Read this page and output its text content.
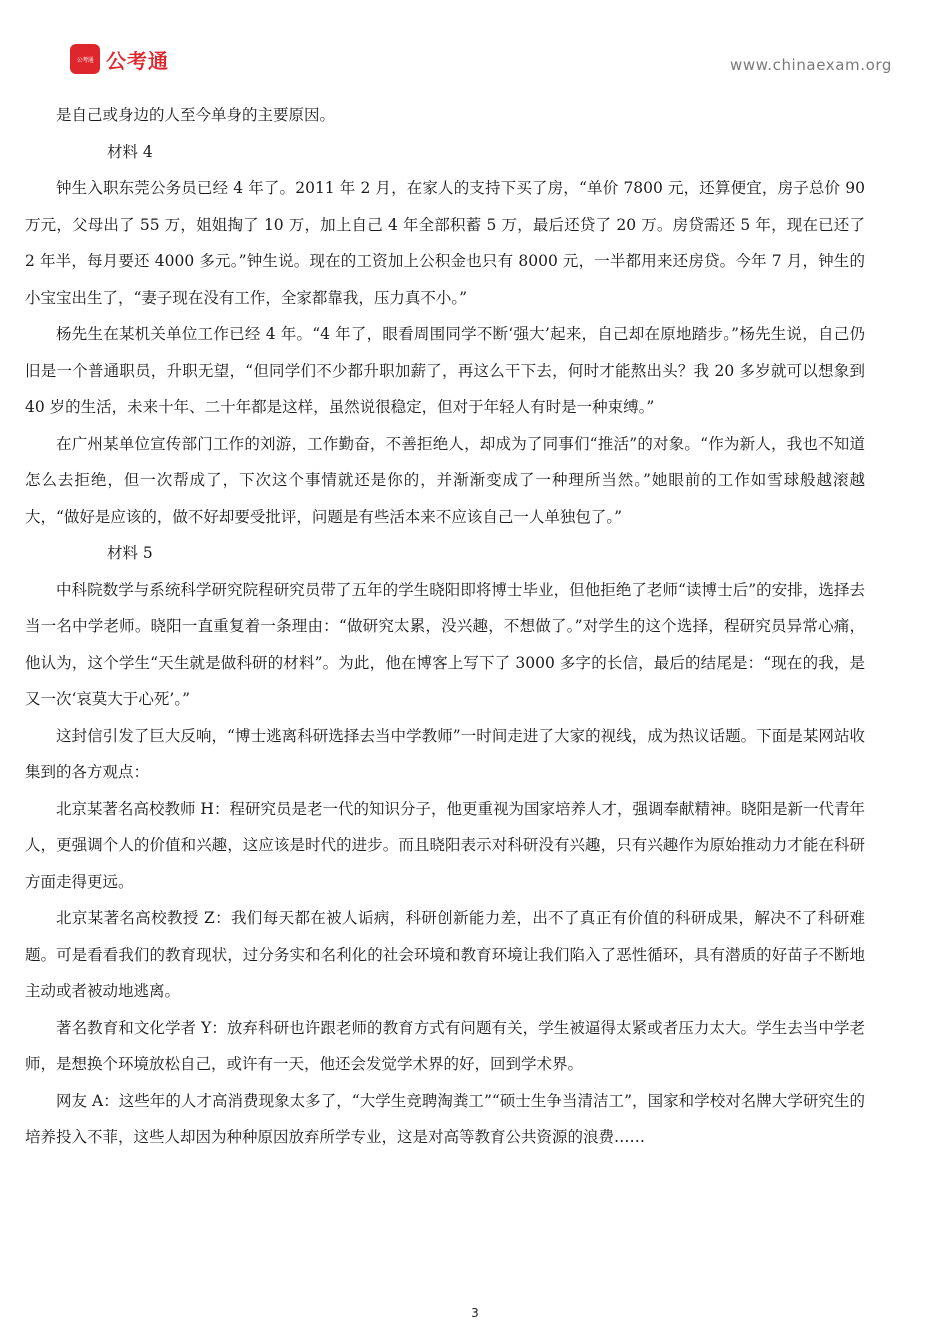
公考通 公考通	www.chinaexam.org

是自己或身边的人至今单身的主要原因。

材料 4

钟生入职东莞公务员已经 4 年了。2011 年 2 月，在家人的支持下买了房，“单价 7800 元，还算便宜，房子总价 90 万元，父母出了 55 万，姐姐掏了 10 万，加上自己 4 年全部积蓄 5 万，最后还贷了 20 万。房贷需还 5 年，现在已还了 2 年半，每月要还 4000 多元。”钟生说。现在的工资加上公积金也只有 8000 元，一半都用来还房贷。今年 7 月，钟生的小宝宝出生了，“妻子现在没有工作，全家都靠我，压力真不小。”

杨先生在某机关单位工作已经 4 年。“4 年了，眼看周围同学不断‘强大’起来，自己却在原地踏步。”杨先生说，自己仍旧是一个普通职员，升职无望，“但同学们不少都升职加薪了，再这么干下去，何时才能熬出头？我 20 多岁就可以想象到 40 岁的生活，未来十年、二十年都是这样，虽然说很稳定，但对于年轻人有时是一种束缚。”

在广州某单位宣传部门工作的刘游，工作勤奋，不善拒绝人，却成为了同事们“推活”的对象。“作为新人，我也不知道怎么去拒绝，但一次帮成了，下次这个事情就还是你的，并渐渐变成了一种理所当然。”她眼前的工作如雪球般越滚越大，“做好是应该的，做不好却要受批评，问题是有些活本来不应该自己一人单独包了。”

材料 5

中科院数学与系统科学研究院程研究员带了五年的学生晓阳即将博士毕业，但他拒绝了老师“读博士后”的安排，选择去当一名中学老师。晓阳一直重复着一条理由：“做研究太累，没兴趣，不想做了。”对学生的这个选择，程研究员异常心痛，他认为，这个学生“天生就是做科研的材料”。为此，他在博客上写下了 3000 多字的长信，最后的结尾是：“现在的我，是又一次‘哀莫大于心死’。”

这封信引发了巨大反响，“博士逃离科研选择去当中学教师”一时间走进了大家的视线，成为热议话题。下面是某网站收集到的各方观点：

北京某著名高校教师 H：程研究员是老一代的知识分子，他更重视为国家培养人才，强调奉献精神。晓阳是新一代青年人，更强调个人的价值和兴趣，这应该是时代的进步。而且晓阳表示对科研没有兴趣，只有兴趣作为原始推动力才能在科研方面走得更远。

北京某著名高校教授 Z：我们每天都在被人诟病，科研创新能力差，出不了真正有价值的科研成果，解决不了科研难题。可是看看我们的教育现状，过分务实和名利化的社会环境和教育环境让我们陷入了恶性循环，具有潜质的好苗子不断地主动或者被动地逃离。

著名教育和文化学者 Y：放弃科研也许跟老师的教育方式有问题有关，学生被逼得太紧或者压力太大。学生去当中学老师，是想换个环境放松自己，或许有一天，他还会发觉学术界的好，回到学术界。

网友 A：这些年的人才高消费现象太多了，“大学生竞聘淘粪工”“硕士生争当清洁工”，国家和学校对名牌大学研究生的培养投入不菲，这些人却因为种种原因放弃所学专业，这是对高等教育公共资源的浪费……

3
